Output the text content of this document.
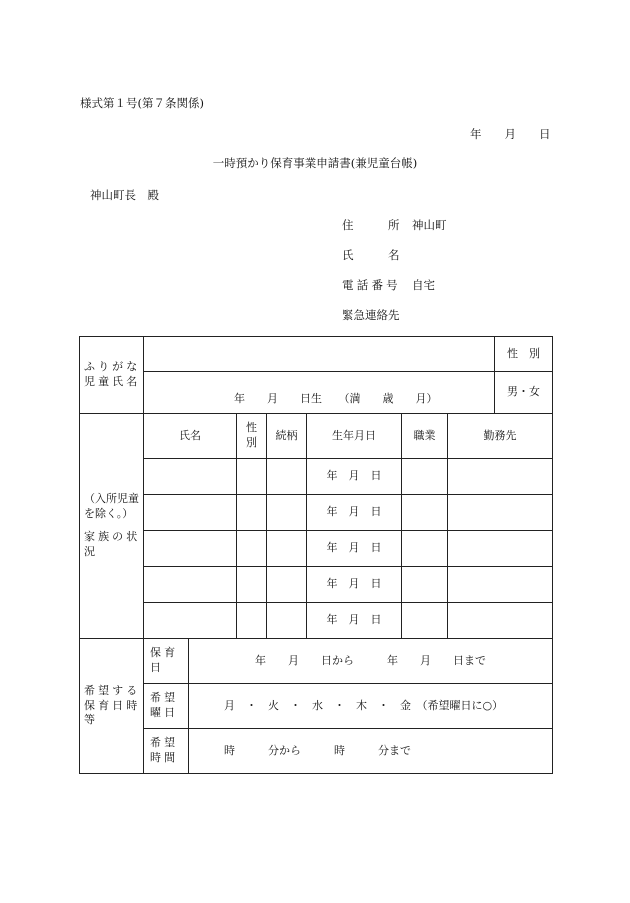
様式第１号(第７条関係)
年　　月　　日
一時預かり保育事業申請書(兼児童台帳)
神山町長　殿
住　　　所 神山町
氏　　　名
電話番号 自宅
緊急連絡先
ふりがな
児童氏名								性　別
	年　　月　　日生　　（満　　歳　　月）							男・女

（入所児童を除く。）
家族の状況	氏名		性別	続柄	生年月日	職業	勤務先	
					年　月　日			
					年　月　日			
					年　月　日			
					年　月　日			
					年　月　日			
希望する保育日時等	保育日	年　　月　　日から　　　年　　月　　日まで						
	希望曜日	月　・　火　・　水　・　木　・　金　（希望曜日に○）						
	希望時間	時　　　分から　　　時　　　分まで						
